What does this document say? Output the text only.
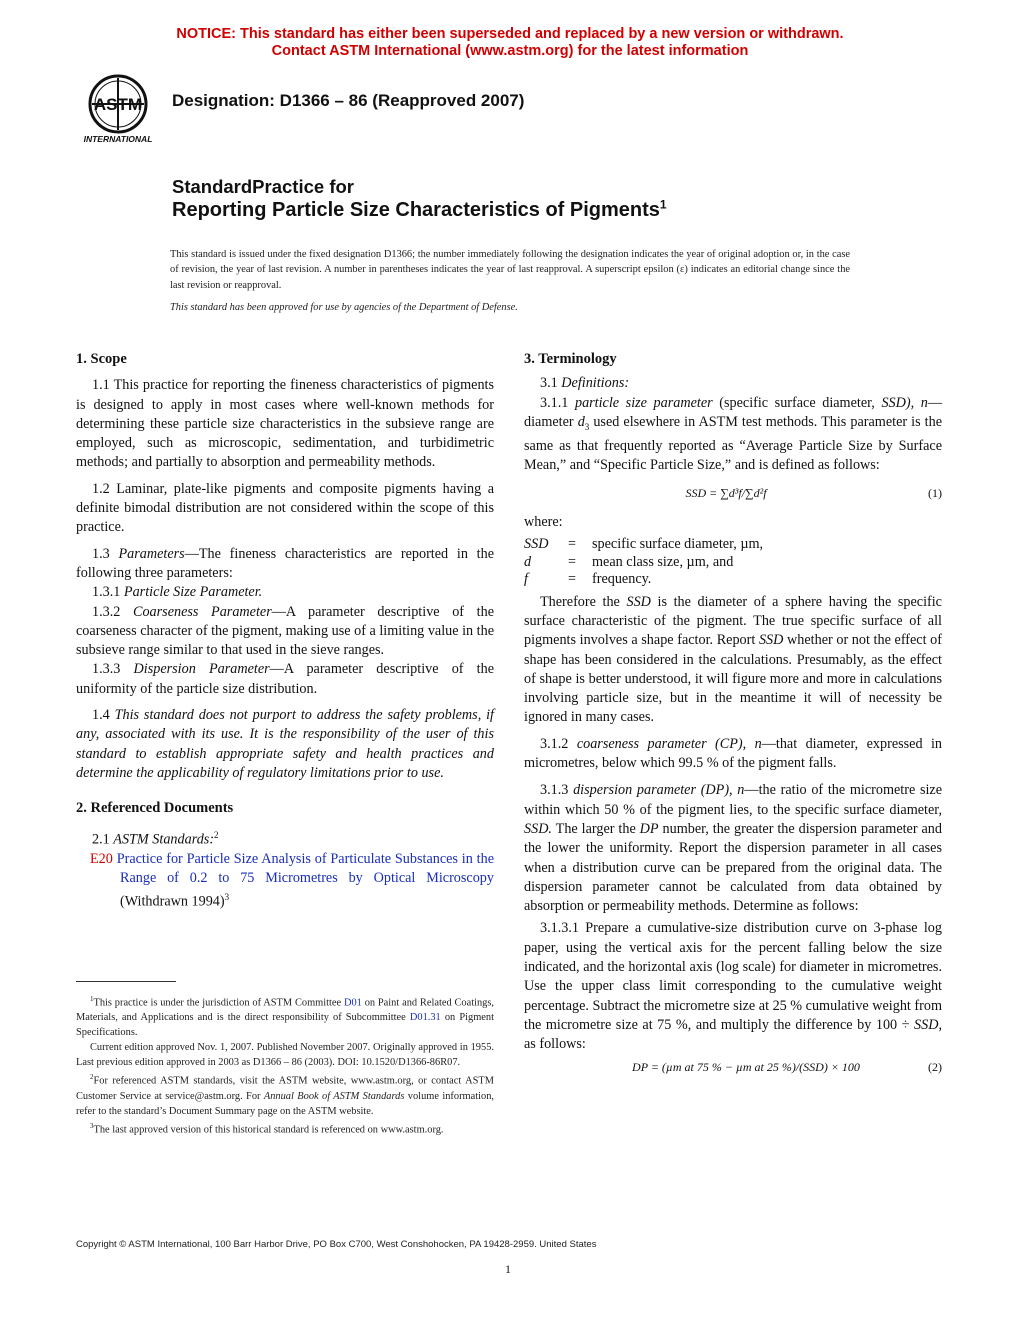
NOTICE: This standard has either been superseded and replaced by a new version or withdrawn.
Contact ASTM International (www.astm.org) for the latest information
ASTM
INTERNATIONAL
Designation: D1366 – 86 (Reapproved 2007)
StandardPractice for
Reporting Particle Size Characteristics of Pigments$^1$
This standard is issued under the fixed designation D1366; the number immediately following the designation indicates the year of original adoption or, in the case of revision, the year of last revision. A number in parentheses indicates the year of last reapproval. A superscript epsilon (ε) indicates an editorial change since the last revision or reapproval.
This standard has been approved for use by agencies of the Department of Defense.

1. Scope

1.1 This practice for reporting the fineness characteristics of pigments is designed to apply in most cases where well-known methods for determining these particle size characteristics in the subsieve range are employed, such as microscopic, sedimentation, and turbidimetric methods; and partially to absorption and permeability methods.

1.2 Laminar, plate-like pigments and composite pigments having a definite bimodal distribution are not considered within the scope of this practice.

1.3 Parameters—The fineness characteristics are reported in the following three parameters:

1.3.1 Particle Size Parameter.

1.3.2 Coarseness Parameter—A parameter descriptive of the coarseness character of the pigment, making use of a limiting value in the subsieve range similar to that used in the sieve ranges.

1.3.3 Dispersion Parameter—A parameter descriptive of the uniformity of the particle size distribution.

1.4 This standard does not purport to address the safety problems, if any, associated with its use. It is the responsibility of the user of this standard to establish appropriate safety and health practices and determine the applicability of regulatory limitations prior to use.

2. Referenced Documents

2.1 ASTM Standards:$^2$

E20 Practice for Particle Size Analysis of Particulate Substances in the Range of 0.2 to 75 Micrometres by Optical Microscopy (Withdrawn 1994)$^3$

$^1$This practice is under the jurisdiction of ASTM Committee D01 on Paint and Related Coatings, Materials, and Applications and is the direct responsibility of Subcommittee D01.31 on Pigment Specifications.

Current edition approved Nov. 1, 2007. Published November 2007. Originally approved in 1955. Last previous edition approved in 2003 as D1366 – 86 (2003). DOI: 10.1520/D1366-86R07.

$^2$For referenced ASTM standards, visit the ASTM website, www.astm.org, or contact ASTM Customer Service at service@astm.org. For Annual Book of ASTM Standards volume information, refer to the standard’s Document Summary page on the ASTM website.

$^3$The last approved version of this historical standard is referenced on www.astm.org.

3. Terminology

3.1 Definitions:

3.1.1 particle size parameter (specific surface diameter, SSD), n—diameter $d_3$ used elsewhere in ASTM test methods. This parameter is the same as that frequently reported as “Average Particle Size by Surface Mean,” and “Specific Particle Size,” and is defined as follows:

SSD = ∑d³f/∑d²f	(1)

where:

SSD	=	specific surface diameter, µm,
d	=	mean class size, µm, and
f	=	frequency.

Therefore the SSD is the diameter of a sphere having the specific surface characteristic of the pigment. The true specific surface of all pigments involves a shape factor. Report SSD whether or not the effect of shape has been considered in the calculations. Presumably, as the effect of shape is better understood, it will figure more and more in calculations involving particle size, but in the meantime it will of necessity be ignored in many cases.

3.1.2 coarseness parameter (CP), n—that diameter, expressed in micrometres, below which 99.5 % of the pigment falls.

3.1.3 dispersion parameter (DP), n—the ratio of the micrometre size within which 50 % of the pigment lies, to the specific surface diameter, SSD. The larger the DP number, the greater the dispersion parameter and the lower the uniformity. Report the dispersion parameter in all cases when a distribution curve can be prepared from the original data. The dispersion parameter cannot be calculated from data obtained by absorption or permeability methods. Determine as follows:

3.1.3.1 Prepare a cumulative-size distribution curve on 3-phase log paper, using the vertical axis for the percent falling below the size indicated, and the horizontal axis (log scale) for diameter in micrometres. Use the upper class limit corresponding to the cumulative weight percentage. Subtract the micrometre size at 25 % cumulative weight from the micrometre size at 75 %, and multiply the difference by 100 ÷ SSD, as follows:

DP = (µm at 75 % − µm at 25 %)/(SSD) × 100	(2)
Copyright © ASTM International, 100 Barr Harbor Drive, PO Box C700, West Conshohocken, PA 19428-2959. United States
1
